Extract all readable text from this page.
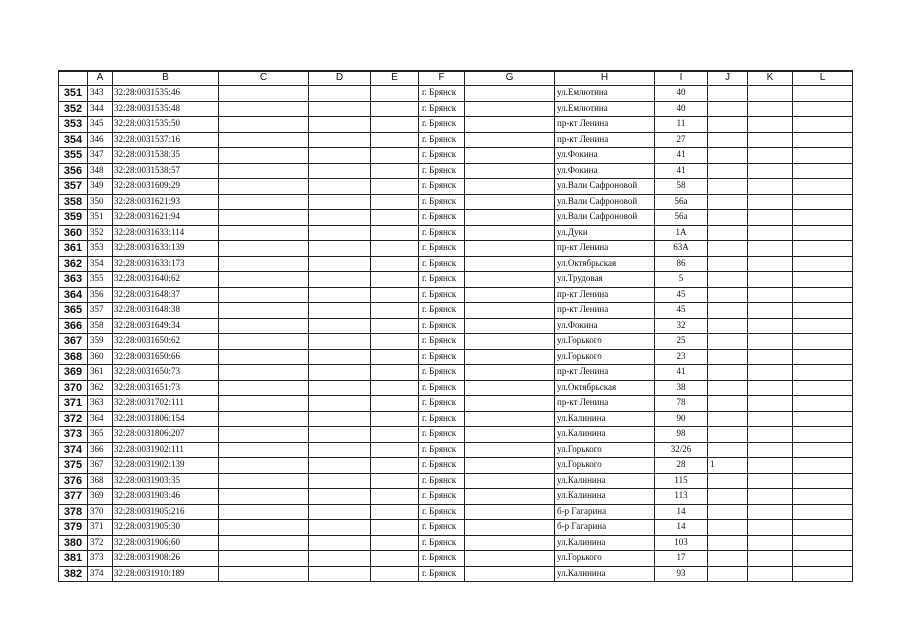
	A	B	C	D	E	F	G	H	I	J	K	L
351	343	32:28:0031535:46				г. Брянск		ул.Емлютина	40			
352	344	32:28:0031535:48				г. Брянск		ул.Емлютина	40			
353	345	32:28:0031535:50				г. Брянск		пр-кт Ленина	11			
354	346	32:28:0031537:16				г. Брянск		пр-кт Ленина	27			
355	347	32:28:0031538:35				г. Брянск		ул.Фокина	41			
356	348	32:28:0031538:57				г. Брянск		ул.Фокина	41			
357	349	32:28:0031609:29				г. Брянск		ул.Вали Сафроновой	58			
358	350	32:28:0031621:93				г. Брянск		ул.Вали Сафроновой	56а			
359	351	32:28:0031621:94				г. Брянск		ул.Вали Сафроновой	56а			
360	352	32:28:0031633:114				г. Брянск		ул.Дуки	1А			
361	353	32:28:0031633:139				г. Брянск		пр-кт Ленина	63А			
362	354	32:28:0031633:173				г. Брянск		ул.Октябрьская	86			
363	355	32:28:0031640:62				г. Брянск		ул.Трудовая	5			
364	356	32:28:0031648:37				г. Брянск		пр-кт Ленина	45			
365	357	32:28:0031648:38				г. Брянск		пр-кт Ленина	45			
366	358	32:28:0031649:34				г. Брянск		ул.Фокина	32			
367	359	32:28:0031650:62				г. Брянск		ул.Горького	25			
368	360	32:28:0031650:66				г. Брянск		ул.Горького	23			
369	361	32:28:0031650:73				г. Брянск		пр-кт Ленина	41			
370	362	32:28:0031651:73				г. Брянск		ул.Октябрьская	38			
371	363	32:28:0031702:111				г. Брянск		пр-кт Ленина	78			
372	364	32:28:0031806:154				г. Брянск		ул.Калинина	90			
373	365	32:28:0031806:207				г. Брянск		ул.Калинина	98			
374	366	32:28:0031902:111				г. Брянск		ул.Горького	32/26			
375	367	32:28:0031902:139				г. Брянск		ул.Горького	28	1		
376	368	32:28:0031903:35				г. Брянск		ул.Калинина	115			
377	369	32:28:0031903:46				г. Брянск		ул.Калинина	113			
378	370	32:28:0031905:216				г. Брянск		б-р Гагарина	14			
379	371	32:28:0031905:30				г. Брянск		б-р Гагарина	14			
380	372	32:28:0031906:60				г. Брянск		ул.Калинина	103			
381	373	32:28:0031908:26				г. Брянск		ул.Горького	17			
382	374	32:28:0031910:189				г. Брянск		ул.Калинина	93			
